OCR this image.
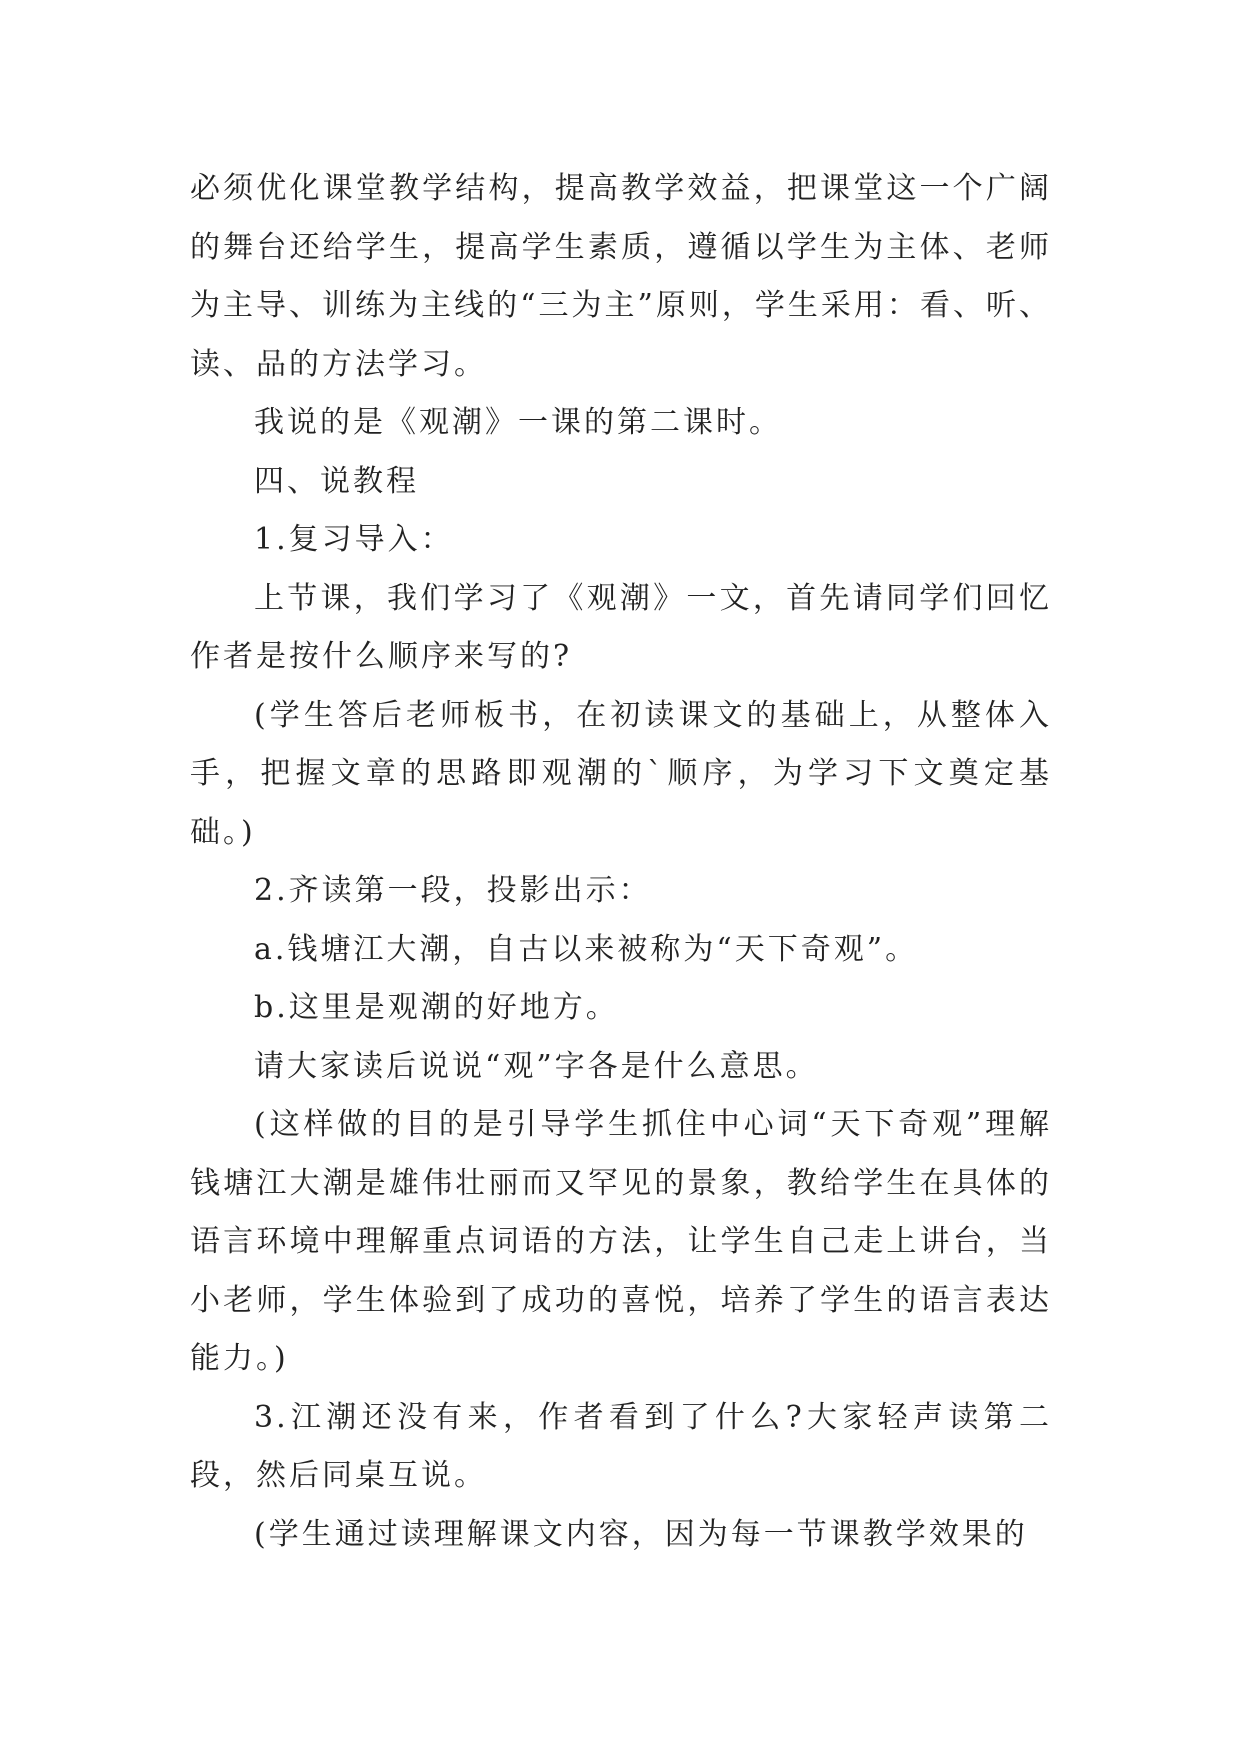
必须优化课堂教学结构，提高教学效益，把课堂这一个广阔的舞台还给学生，提高学生素质，遵循以学生为主体、老师为主导、训练为主线的“三为主”原则，学生采用：看、听、读、品的方法学习。

我说的是《观潮》一课的第二课时。

四、说教程

1.复习导入：

上节课，我们学习了《观潮》一文，首先请同学们回忆作者是按什么顺序来写的?

(学生答后老师板书，在初读课文的基础上，从整体入手，把握文章的思路即观潮的`顺序，为学习下文奠定基础。)

2.齐读第一段，投影出示：

a.钱塘江大潮，自古以来被称为“天下奇观”。

b.这里是观潮的好地方。

请大家读后说说“观”字各是什么意思。

(这样做的目的是引导学生抓住中心词“天下奇观”理解钱塘江大潮是雄伟壮丽而又罕见的景象，教给学生在具体的语言环境中理解重点词语的方法，让学生自己走上讲台，当小老师，学生体验到了成功的喜悦，培养了学生的语言表达能力。)

3.江潮还没有来，作者看到了什么?大家轻声读第二段，然后同桌互说。

(学生通过读理解课文内容，因为每一节课教学效果的
